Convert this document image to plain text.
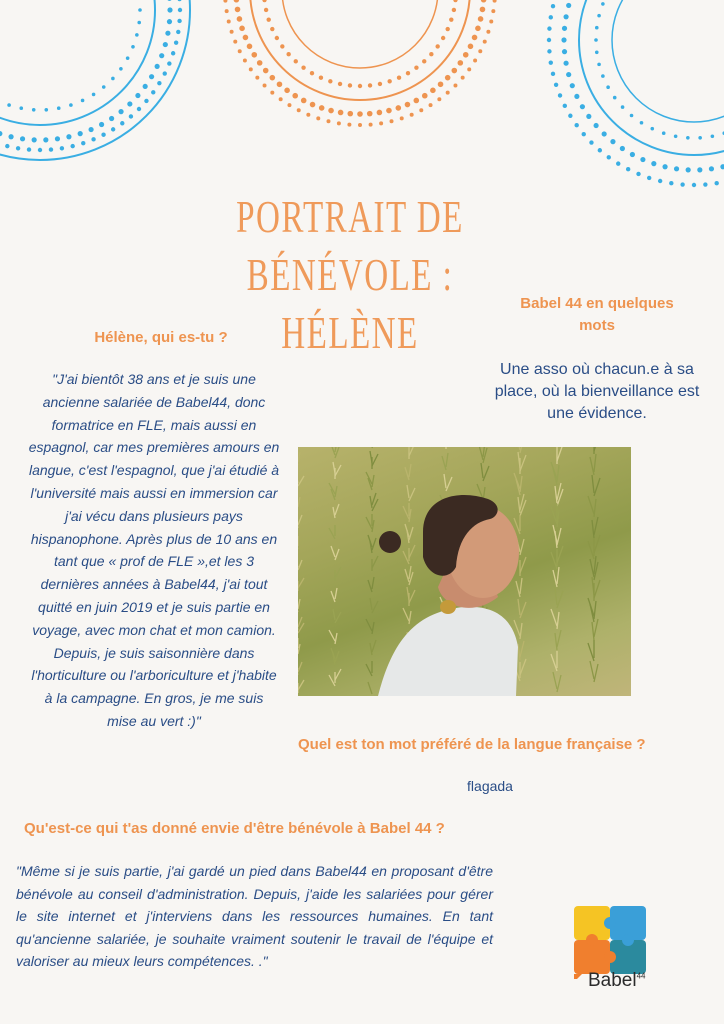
PORTRAIT DE BÉNÉVOLE :
HÉLÈNE
Hélène, qui es-tu ?
"J'ai bientôt 38 ans et je suis une ancienne salariée de Babel44, donc formatrice en FLE, mais aussi en espagnol, car mes premières amours en langue, c'est l'espagnol, que j'ai étudié à l'université mais aussi en immersion car j'ai vécu dans plusieurs pays hispanophone. Après plus de 10 ans en tant que « prof de FLE »,et les 3 dernières années à Babel44, j'ai tout quitté en juin 2019 et je suis partie en voyage, avec mon chat et mon camion. Depuis, je suis saisonnière dans l'horticulture ou l'arboriculture et j'habite à la campagne. En gros, je me suis mise au vert :)"
Babel 44 en quelques mots
Une asso où chacun.e à sa place, où la bienveillance est une évidence.
Quel est ton mot préféré de la langue française ?
flagada
Qu'est-ce qui t'as donné envie d'être bénévole à Babel 44 ?
"Même si je suis partie, j'ai gardé un pied dans Babel44 en proposant d'être bénévole au conseil d'administration. Depuis, j'aide les salariées pour gérer le site internet et j'interviens dans les ressources humaines. En tant qu'ancienne salariée, je souhaite vraiment soutenir le travail de l'équipe et valoriser au mieux leurs compétences. ."
Babel$^{44}$
